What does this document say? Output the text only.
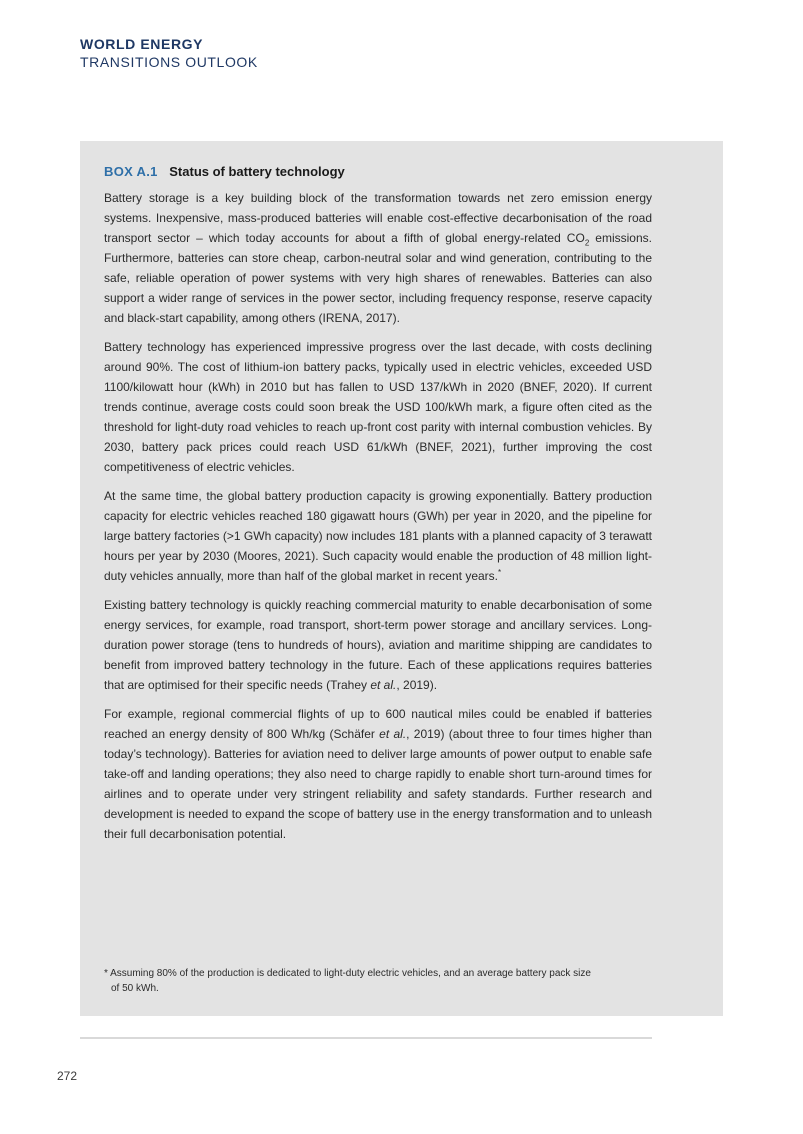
WORLD ENERGY
TRANSITIONS OUTLOOK
BOX A.1 Status of battery technology

Battery storage is a key building block of the transformation towards net zero emission energy systems. Inexpensive, mass-produced batteries will enable cost-effective decarbonisation of the road transport sector – which today accounts for about a fifth of global energy-related $CO_2$ emissions. Furthermore, batteries can store cheap, carbon-neutral solar and wind generation, contributing to the safe, reliable operation of power systems with very high shares of renewables. Batteries can also support a wider range of services in the power sector, including frequency response, reserve capacity and black-start capability, among others (IRENA, 2017).

Battery technology has experienced impressive progress over the last decade, with costs declining around 90%. The cost of lithium-ion battery packs, typically used in electric vehicles, exceeded USD 1100/kilowatt hour (kWh) in 2010 but has fallen to USD 137/kWh in 2020 (BNEF, 2020). If current trends continue, average costs could soon break the USD 100/kWh mark, a figure often cited as the threshold for light-duty road vehicles to reach up-front cost parity with internal combustion vehicles. By 2030, battery pack prices could reach USD 61/kWh (BNEF, 2021), further improving the cost competitiveness of electric vehicles.

At the same time, the global battery production capacity is growing exponentially. Battery production capacity for electric vehicles reached 180 gigawatt hours (GWh) per year in 2020, and the pipeline for large battery factories (>1 GWh capacity) now includes 181 plants with a planned capacity of 3 terawatt hours per year by 2030 (Moores, 2021). Such capacity would enable the production of 48 million light-duty vehicles annually, more than half of the global market in recent years.*

Existing battery technology is quickly reaching commercial maturity to enable decarbonisation of some energy services, for example, road transport, short-term power storage and ancillary services. Long-duration power storage (tens to hundreds of hours), aviation and maritime shipping are candidates to benefit from improved battery technology in the future. Each of these applications requires batteries that are optimised for their specific needs (Trahey et al., 2019).

For example, regional commercial flights of up to 600 nautical miles could be enabled if batteries reached an energy density of 800 Wh/kg (Schäfer et al., 2019) (about three to four times higher than today’s technology). Batteries for aviation need to deliver large amounts of power output to enable safe take-off and landing operations; they also need to charge rapidly to enable short turn-around times for airlines and to operate under very stringent reliability and safety standards. Further research and development is needed to expand the scope of battery use in the energy transformation and to unleash their full decarbonisation potential.

* Assuming 80% of the production is dedicated to light-duty electric vehicles, and an average battery pack size
of 50 kWh.
272
